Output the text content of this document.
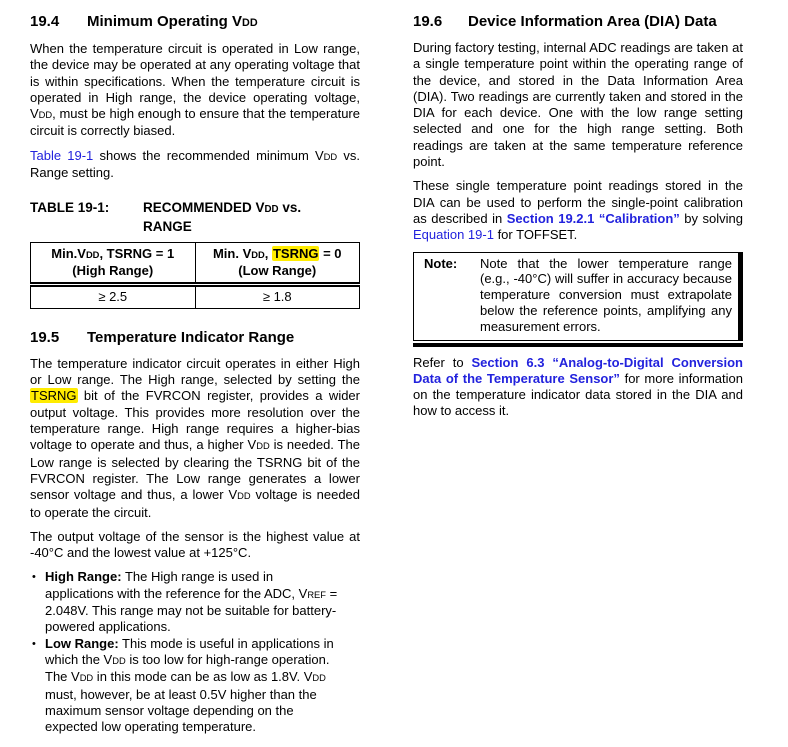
19.4	Minimum Operating VDD

When the temperature circuit is operated in Low range, the device may be operated at any operating voltage that is within specifications. When the temperature circuit is operated in High range, the device operating voltage, VDD, must be high enough to ensure that the temperature circuit is correctly biased.

Table 19-1 shows the recommended minimum VDD vs. Range setting.

TABLE 19-1:	RECOMMENDED VDD vs. RANGE
Min.VDD, TSRNG = 1 (High Range)	Min. VDD, TSRNG = 0 (Low Range)
≥ 2.5	≥ 1.8
19.5	Temperature Indicator Range

The temperature indicator circuit operates in either High or Low range. The High range, selected by setting the TSRNG bit of the FVRCON register, provides a wider output voltage. This provides more resolution over the temperature range. High range requires a higher-bias voltage to operate and thus, a higher VDD is needed. The Low range is selected by clearing the TSRNG bit of the FVRCON register. The Low range generates a lower sensor voltage and thus, a lower VDD voltage is needed to operate the circuit.

The output voltage of the sensor is the highest value at -40°C and the lowest value at +125°C.

• High Range: The High range is used in applications with the reference for the ADC, VREF = 2.048V. This range may not be suitable for battery-powered applications.
• Low Range: This mode is useful in applications in which the VDD is too low for high-range operation. The VDD in this mode can be as low as 1.8V. VDD must, however, be at least 0.5V higher than the maximum sensor voltage depending on the expected low operating temperature.
19.6	Device Information Area (DIA) Data

During factory testing, internal ADC readings are taken at a single temperature point within the operating range of the device, and stored in the Data Information Area (DIA). Two readings are currently taken and stored in the DIA for each device. One with the low range setting selected and one for the high range setting. Both readings are taken at the same temperature reference point.

These single temperature point readings stored in the DIA can be used to perform the single-point calibration as described in Section 19.2.1 “Calibration” by solving Equation 19-1 for TOFFSET.

Note:	Note that the lower temperature range (e.g., -40°C) will suffer in accuracy because temperature conversion must extrapolate below the reference points, amplifying any measurement errors.

Refer to Section 6.3 “Analog-to-Digital Conversion Data of the Temperature Sensor” for more information on the temperature indicator data stored in the DIA and how to access it.
